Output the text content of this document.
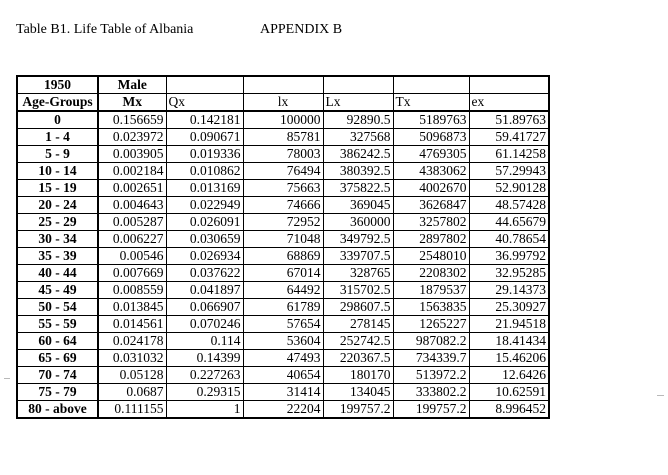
Table B1. Life Table of Albania	APPENDIX B
1950	Male					
Age-Groups	Mx	Qx	lx	Lx	Tx	ex
0	0.156659	0.142181	100000	92890.5	5189763	51.89763
1 - 4	0.023972	0.090671	85781	327568	5096873	59.41727
5 - 9	0.003905	0.019336	78003	386242.5	4769305	61.14258
10 - 14	0.002184	0.010862	76494	380392.5	4383062	57.29943
15 - 19	0.002651	0.013169	75663	375822.5	4002670	52.90128
20 - 24	0.004643	0.022949	74666	369045	3626847	48.57428
25 - 29	0.005287	0.026091	72952	360000	3257802	44.65679
30 - 34	0.006227	0.030659	71048	349792.5	2897802	40.78654
35 - 39	0.00546	0.026934	68869	339707.5	2548010	36.99792
40 - 44	0.007669	0.037622	67014	328765	2208302	32.95285
45 - 49	0.008559	0.041897	64492	315702.5	1879537	29.14373
50 - 54	0.013845	0.066907	61789	298607.5	1563835	25.30927
55 - 59	0.014561	0.070246	57654	278145	1265227	21.94518
60 - 64	0.024178	0.114	53604	252742.5	987082.2	18.41434
65 - 69	0.031032	0.14399	47493	220367.5	734339.7	15.46206
70 - 74	0.05128	0.227263	40654	180170	513972.2	12.6426
75 - 79	0.0687	0.29315	31414	134045	333802.2	10.62591
80 - above	0.111155	1	22204	199757.2	199757.2	8.996452
